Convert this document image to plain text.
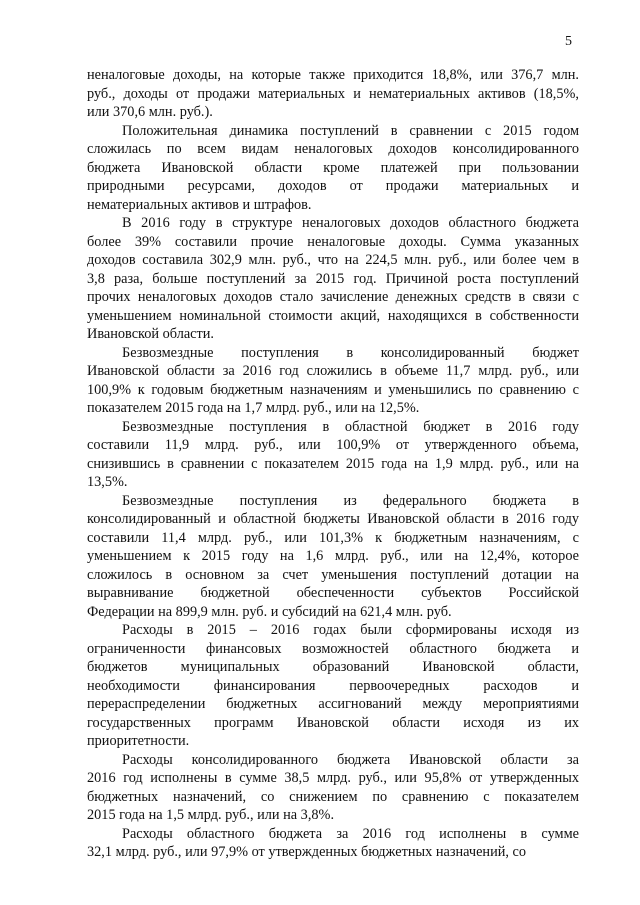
5
неналоговые доходы, на которые также приходится 18,8%, или 376,7 млн.
руб., доходы от продажи материальных и нематериальных активов (18,5%,
или 370,6 млн. руб.).
Положительная динамика поступлений в сравнении с 2015 годом
сложилась по всем видам неналоговых доходов консолидированного
бюджета Ивановской области кроме платежей при пользовании
природными ресурсами, доходов от продажи материальных и
нематериальных активов и штрафов.
В 2016 году в структуре неналоговых доходов областного бюджета
более 39% составили прочие неналоговые доходы. Сумма указанных
доходов составила 302,9 млн. руб., что на 224,5 млн. руб., или более чем в
3,8 раза, больше поступлений за 2015 год. Причиной роста поступлений
прочих неналоговых доходов стало зачисление денежных средств в связи с
уменьшением номинальной стоимости акций, находящихся в собственности
Ивановской области.
Безвозмездные поступления в консолидированный бюджет
Ивановской области за 2016 год сложились в объеме 11,7 млрд. руб., или
100,9% к годовым бюджетным назначениям и уменьшились по сравнению с
показателем 2015 года на 1,7 млрд. руб., или на 12,5%.
Безвозмездные поступления в областной бюджет в 2016 году
составили 11,9 млрд. руб., или 100,9% от утвержденного объема,
снизившись в сравнении с показателем 2015 года на 1,9 млрд. руб., или на
13,5%.
Безвозмездные поступления из федерального бюджета в
консолидированный и областной бюджеты Ивановской области в 2016 году
составили 11,4 млрд. руб., или 101,3% к бюджетным назначениям, с
уменьшением к 2015 году на 1,6 млрд. руб., или на 12,4%, которое
сложилось в основном за счет уменьшения поступлений дотации на
выравнивание бюджетной обеспеченности субъектов Российской
Федерации на 899,9 млн. руб. и субсидий на 621,4 млн. руб.
Расходы в 2015 – 2016 годах были сформированы исходя из
ограниченности финансовых возможностей областного бюджета и
бюджетов муниципальных образований Ивановской области,
необходимости финансирования первоочередных расходов и
перераспределении бюджетных ассигнований между мероприятиями
государственных программ Ивановской области исходя из их
приоритетности.
Расходы консолидированного бюджета Ивановской области за
2016 год исполнены в сумме 38,5 млрд. руб., или 95,8% от утвержденных
бюджетных назначений, со снижением по сравнению с показателем
2015 года на 1,5 млрд. руб., или на 3,8%.
Расходы областного бюджета за 2016 год исполнены в сумме
32,1 млрд. руб., или 97,9% от утвержденных бюджетных назначений, со
